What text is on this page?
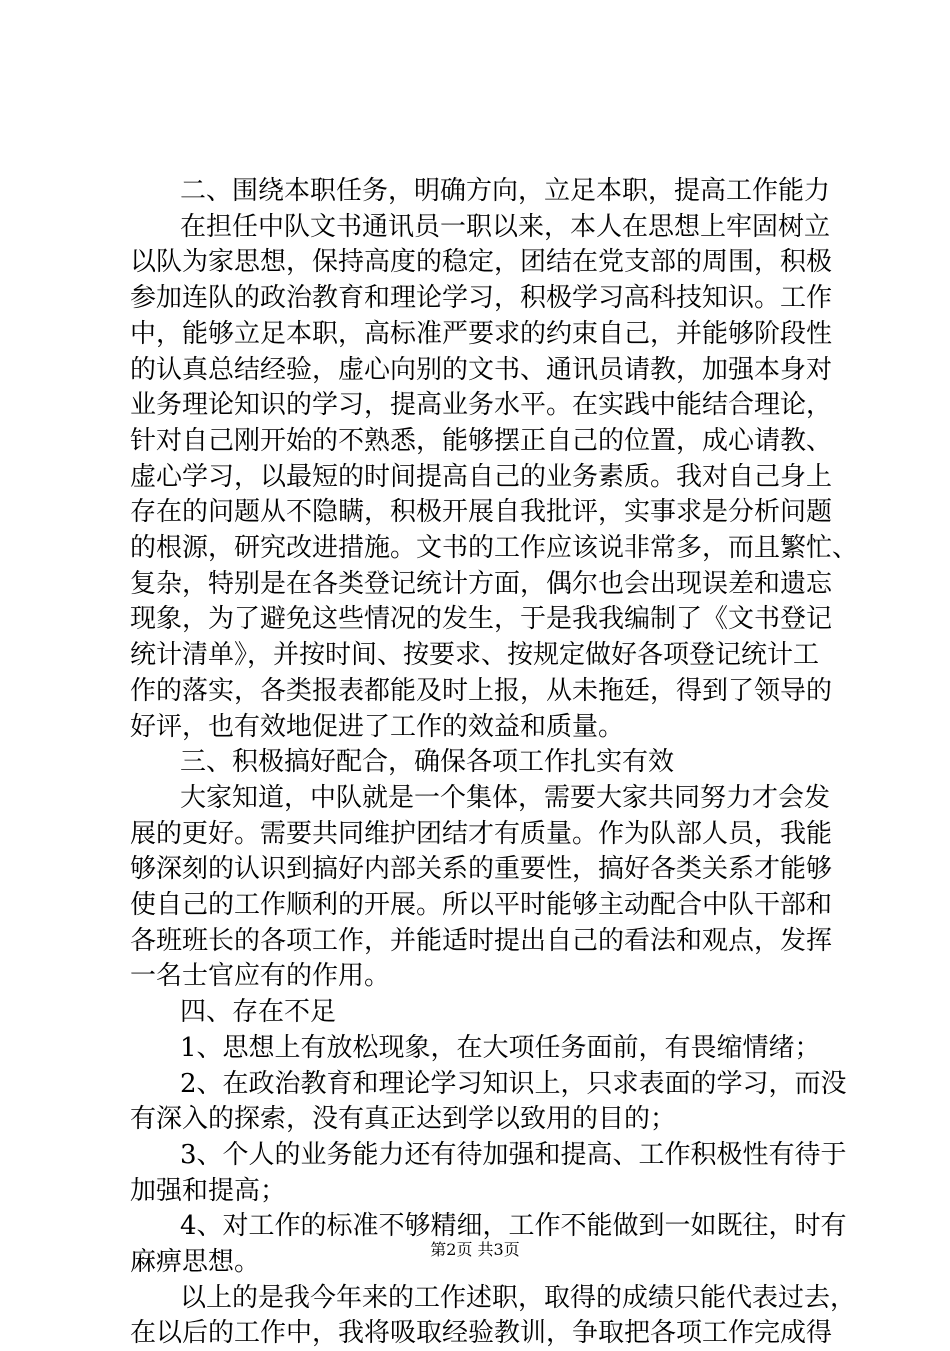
二、围绕本职任务，明确方向，立足本职，提高工作能力
在担任中队文书通讯员一职以来，本人在思想上牢固树立
以队为家思想，保持高度的稳定，团结在党支部的周围，积极
参加连队的政治教育和理论学习，积极学习高科技知识。工作
中，能够立足本职，高标准严要求的约束自己，并能够阶段性
的认真总结经验，虚心向别的文书、通讯员请教，加强本身对
业务理论知识的学习，提高业务水平。在实践中能结合理论，
针对自己刚开始的不熟悉，能够摆正自己的位置，成心请教、
虚心学习，以最短的时间提高自己的业务素质。我对自己身上
存在的问题从不隐瞒，积极开展自我批评，实事求是分析问题
的根源，研究改进措施。文书的工作应该说非常多，而且繁忙、
复杂，特别是在各类登记统计方面，偶尔也会出现误差和遗忘
现象，为了避免这些情况的发生，于是我我编制了《文书登记
统计清单》，并按时间、按要求、按规定做好各项登记统计工
作的落实，各类报表都能及时上报，从未拖廷，得到了领导的
好评，也有效地促进了工作的效益和质量。
三、积极搞好配合，确保各项工作扎实有效
大家知道，中队就是一个集体，需要大家共同努力才会发
展的更好。需要共同维护团结才有质量。作为队部人员，我能
够深刻的认识到搞好内部关系的重要性，搞好各类关系才能够
使自己的工作顺利的开展。所以平时能够主动配合中队干部和
各班班长的各项工作，并能适时提出自己的看法和观点，发挥
一名士官应有的作用。
四、存在不足
1、思想上有放松现象，在大项任务面前，有畏缩情绪；
2、在政治教育和理论学习知识上，只求表面的学习，而没
有深入的探索，没有真正达到学以致用的目的；
3、个人的业务能力还有待加强和提高、工作积极性有待于
加强和提高；
4、对工作的标准不够精细，工作不能做到一如既往，时有
麻痹思想。
以上的是我今年来的工作述职，取得的成绩只能代表过去，
在以后的工作中，我将吸取经验教训，争取把各项工作完成得
第2页 共3页
